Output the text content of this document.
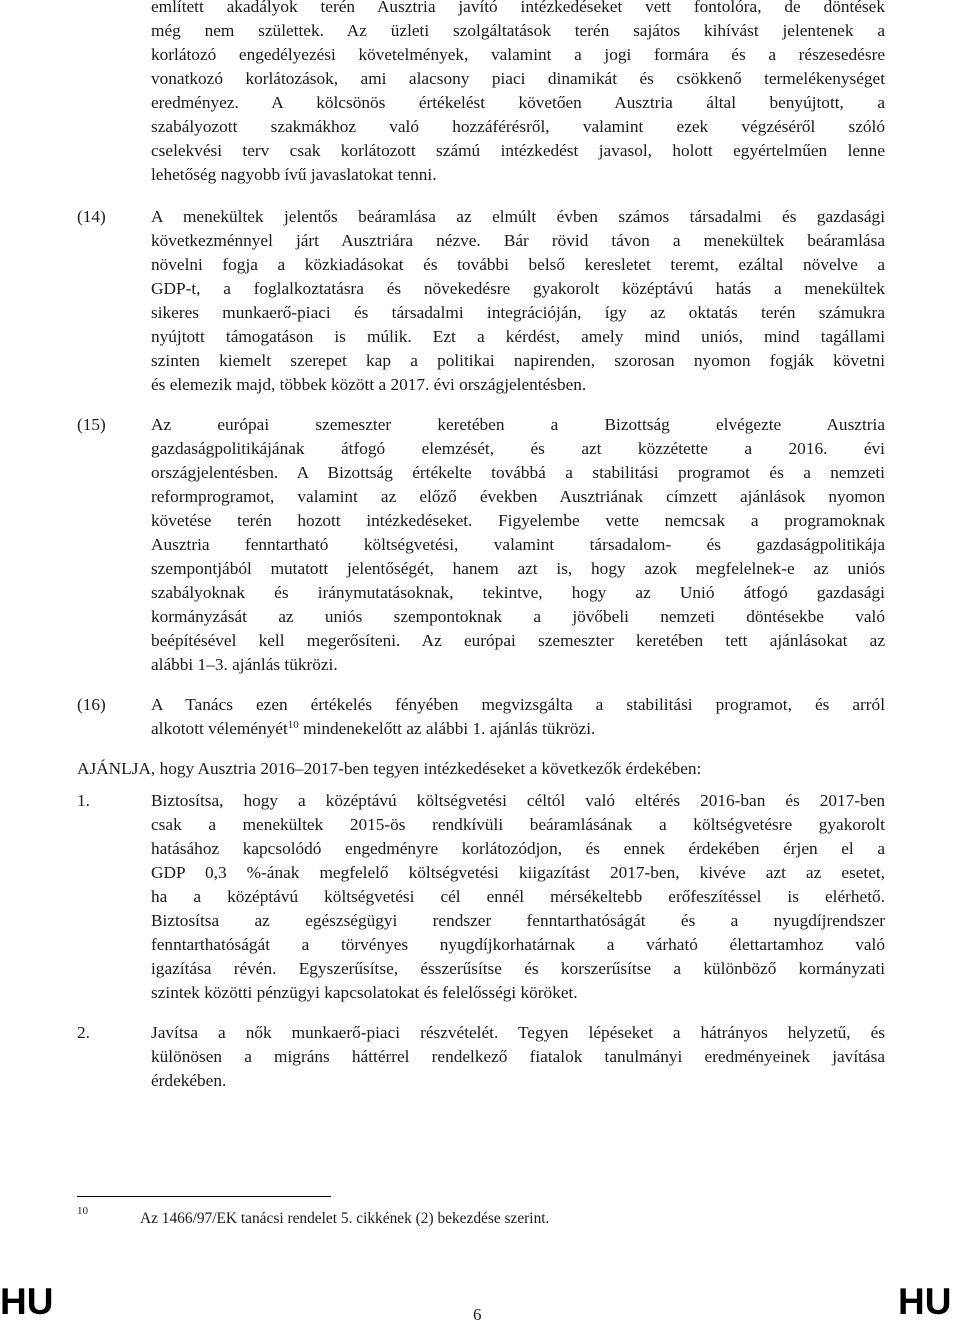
említett akadályok terén Ausztria javító intézkedéseket vett fontolóra, de döntések
még nem születtek. Az üzleti szolgáltatások terén sajátos kihívást jelentenek a
korlátozó engedélyezési követelmények, valamint a jogi formára és a részesedésre
vonatkozó korlátozások, ami alacsony piaci dinamikát és csökkenő termelékenységet
eredményez. A kölcsönös értékelést követően Ausztria által benyújtott, a
szabályozott szakmákhoz való hozzáférésről, valamint ezek végzéséről szóló
cselekvési terv csak korlátozott számú intézkedést javasol, holott egyértelműen lenne
lehetőség nagyobb ívű javaslatokat tenni.
(14)	A menekültek jelentős beáramlása az elmúlt évben számos társadalmi és gazdasági
következménnyel járt Ausztriára nézve. Bár rövid távon a menekültek beáramlása
növelni fogja a közkiadásokat és további belső keresletet teremt, ezáltal növelve a
GDP-t, a foglalkoztatásra és növekedésre gyakorolt középtávú hatás a menekültek
sikeres munkaerő-piaci és társadalmi integrációján, így az oktatás terén számukra
nyújtott támogatáson is múlik. Ezt a kérdést, amely mind uniós, mind tagállami
szinten kiemelt szerepet kap a politikai napirenden, szorosan nyomon fogják követni
és elemezik majd, többek között a 2017. évi országjelentésben.
(15)	Az európai szemeszter keretében a Bizottság elvégezte Ausztria
gazdaságpolitikájának átfogó elemzését, és azt közzétette a 2016. évi
országjelentésben. A Bizottság értékelte továbbá a stabilitási programot és a nemzeti
reformprogramot, valamint az előző években Ausztriának címzett ajánlások nyomon
követése terén hozott intézkedéseket. Figyelembe vette nemcsak a programoknak
Ausztria fenntartható költségvetési, valamint társadalom- és gazdaságpolitikája
szempontjából mutatott jelentőségét, hanem azt is, hogy azok megfelelnek-e az uniós
szabályoknak és iránymutatásoknak, tekintve, hogy az Unió átfogó gazdasági
kormányzását az uniós szempontoknak a jövőbeli nemzeti döntésekbe való
beépítésével kell megerősíteni. Az európai szemeszter keretében tett ajánlásokat az
alábbi 1–3. ajánlás tükrözi.
(16)	A Tanács ezen értékelés fényében megvizsgálta a stabilitási programot, és arról
alkotott véleményét$^{10}$ mindenekelőtt az alábbi 1. ajánlás tükrözi.
AJÁNLJA, hogy Ausztria 2016–2017-ben tegyen intézkedéseket a következők érdekében:
1.	Biztosítsa, hogy a középtávú költségvetési céltól való eltérés 2016-ban és 2017-ben
csak a menekültek 2015-ös rendkívüli beáramlásának a költségvetésre gyakorolt
hatásához kapcsolódó engedményre korlátozódjon, és ennek érdekében érjen el a
GDP 0,3 %-ának megfelelő költségvetési kiigazítást 2017-ben, kivéve azt az esetet,
ha a középtávú költségvetési cél ennél mérsékeltebb erőfeszítéssel is elérhető.
Biztosítsa az egészségügyi rendszer fenntarthatóságát és a nyugdíjrendszer
fenntarthatóságát a törvényes nyugdíjkorhatárnak a várható élettartamhoz való
igazítása révén. Egyszerűsítse, ésszerűsítse és korszerűsítse a különböző kormányzati
szintek közötti pénzügyi kapcsolatokat és felelősségi köröket.
2.	Javítsa a nők munkaerő-piaci részvételét. Tegyen lépéseket a hátrányos helyzetű, és
különösen a migráns háttérrel rendelkező fiatalok tanulmányi eredményeinek javítása
érdekében.
10	Az 1466/97/EK tanácsi rendelet 5. cikkének (2) bekezdése szerint.
HU	6	HU
